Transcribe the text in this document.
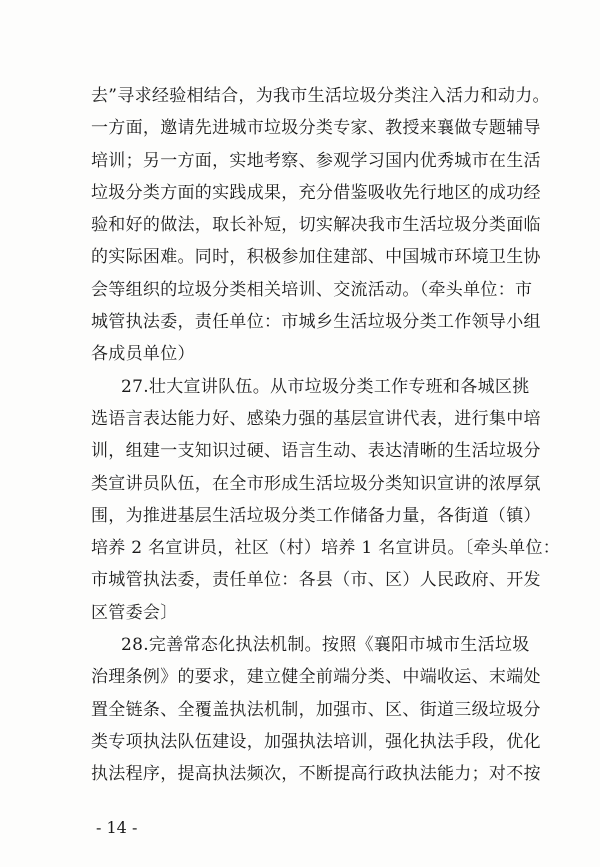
去”寻求经验相结合，为我市生活垃圾分类注入活力和动力。
一方面，邀请先进城市垃圾分类专家、教授来襄做专题辅导
培训；另一方面，实地考察、参观学习国内优秀城市在生活
垃圾分类方面的实践成果，充分借鉴吸收先行地区的成功经
验和好的做法，取长补短，切实解决我市生活垃圾分类面临
的实际困难。同时，积极参加住建部、中国城市环境卫生协
会等组织的垃圾分类相关培训、交流活动。（牵头单位：市
城管执法委，责任单位：市城乡生活垃圾分类工作领导小组
各成员单位）
27.壮大宣讲队伍。从市垃圾分类工作专班和各城区挑
选语言表达能力好、感染力强的基层宣讲代表，进行集中培
训，组建一支知识过硬、语言生动、表达清晰的生活垃圾分
类宣讲员队伍，在全市形成生活垃圾分类知识宣讲的浓厚氛
围，为推进基层生活垃圾分类工作储备力量，各街道（镇）
培养 2 名宣讲员，社区（村）培养 1 名宣讲员。〔牵头单位：
市城管执法委，责任单位：各县（市、区）人民政府、开发
区管委会〕
28.完善常态化执法机制。按照《襄阳市城市生活垃圾
治理条例》的要求，建立健全前端分类、中端收运、末端处
置全链条、全覆盖执法机制，加强市、区、街道三级垃圾分
类专项执法队伍建设，加强执法培训，强化执法手段，优化
执法程序，提高执法频次，不断提高行政执法能力；对不按
- 14 -
